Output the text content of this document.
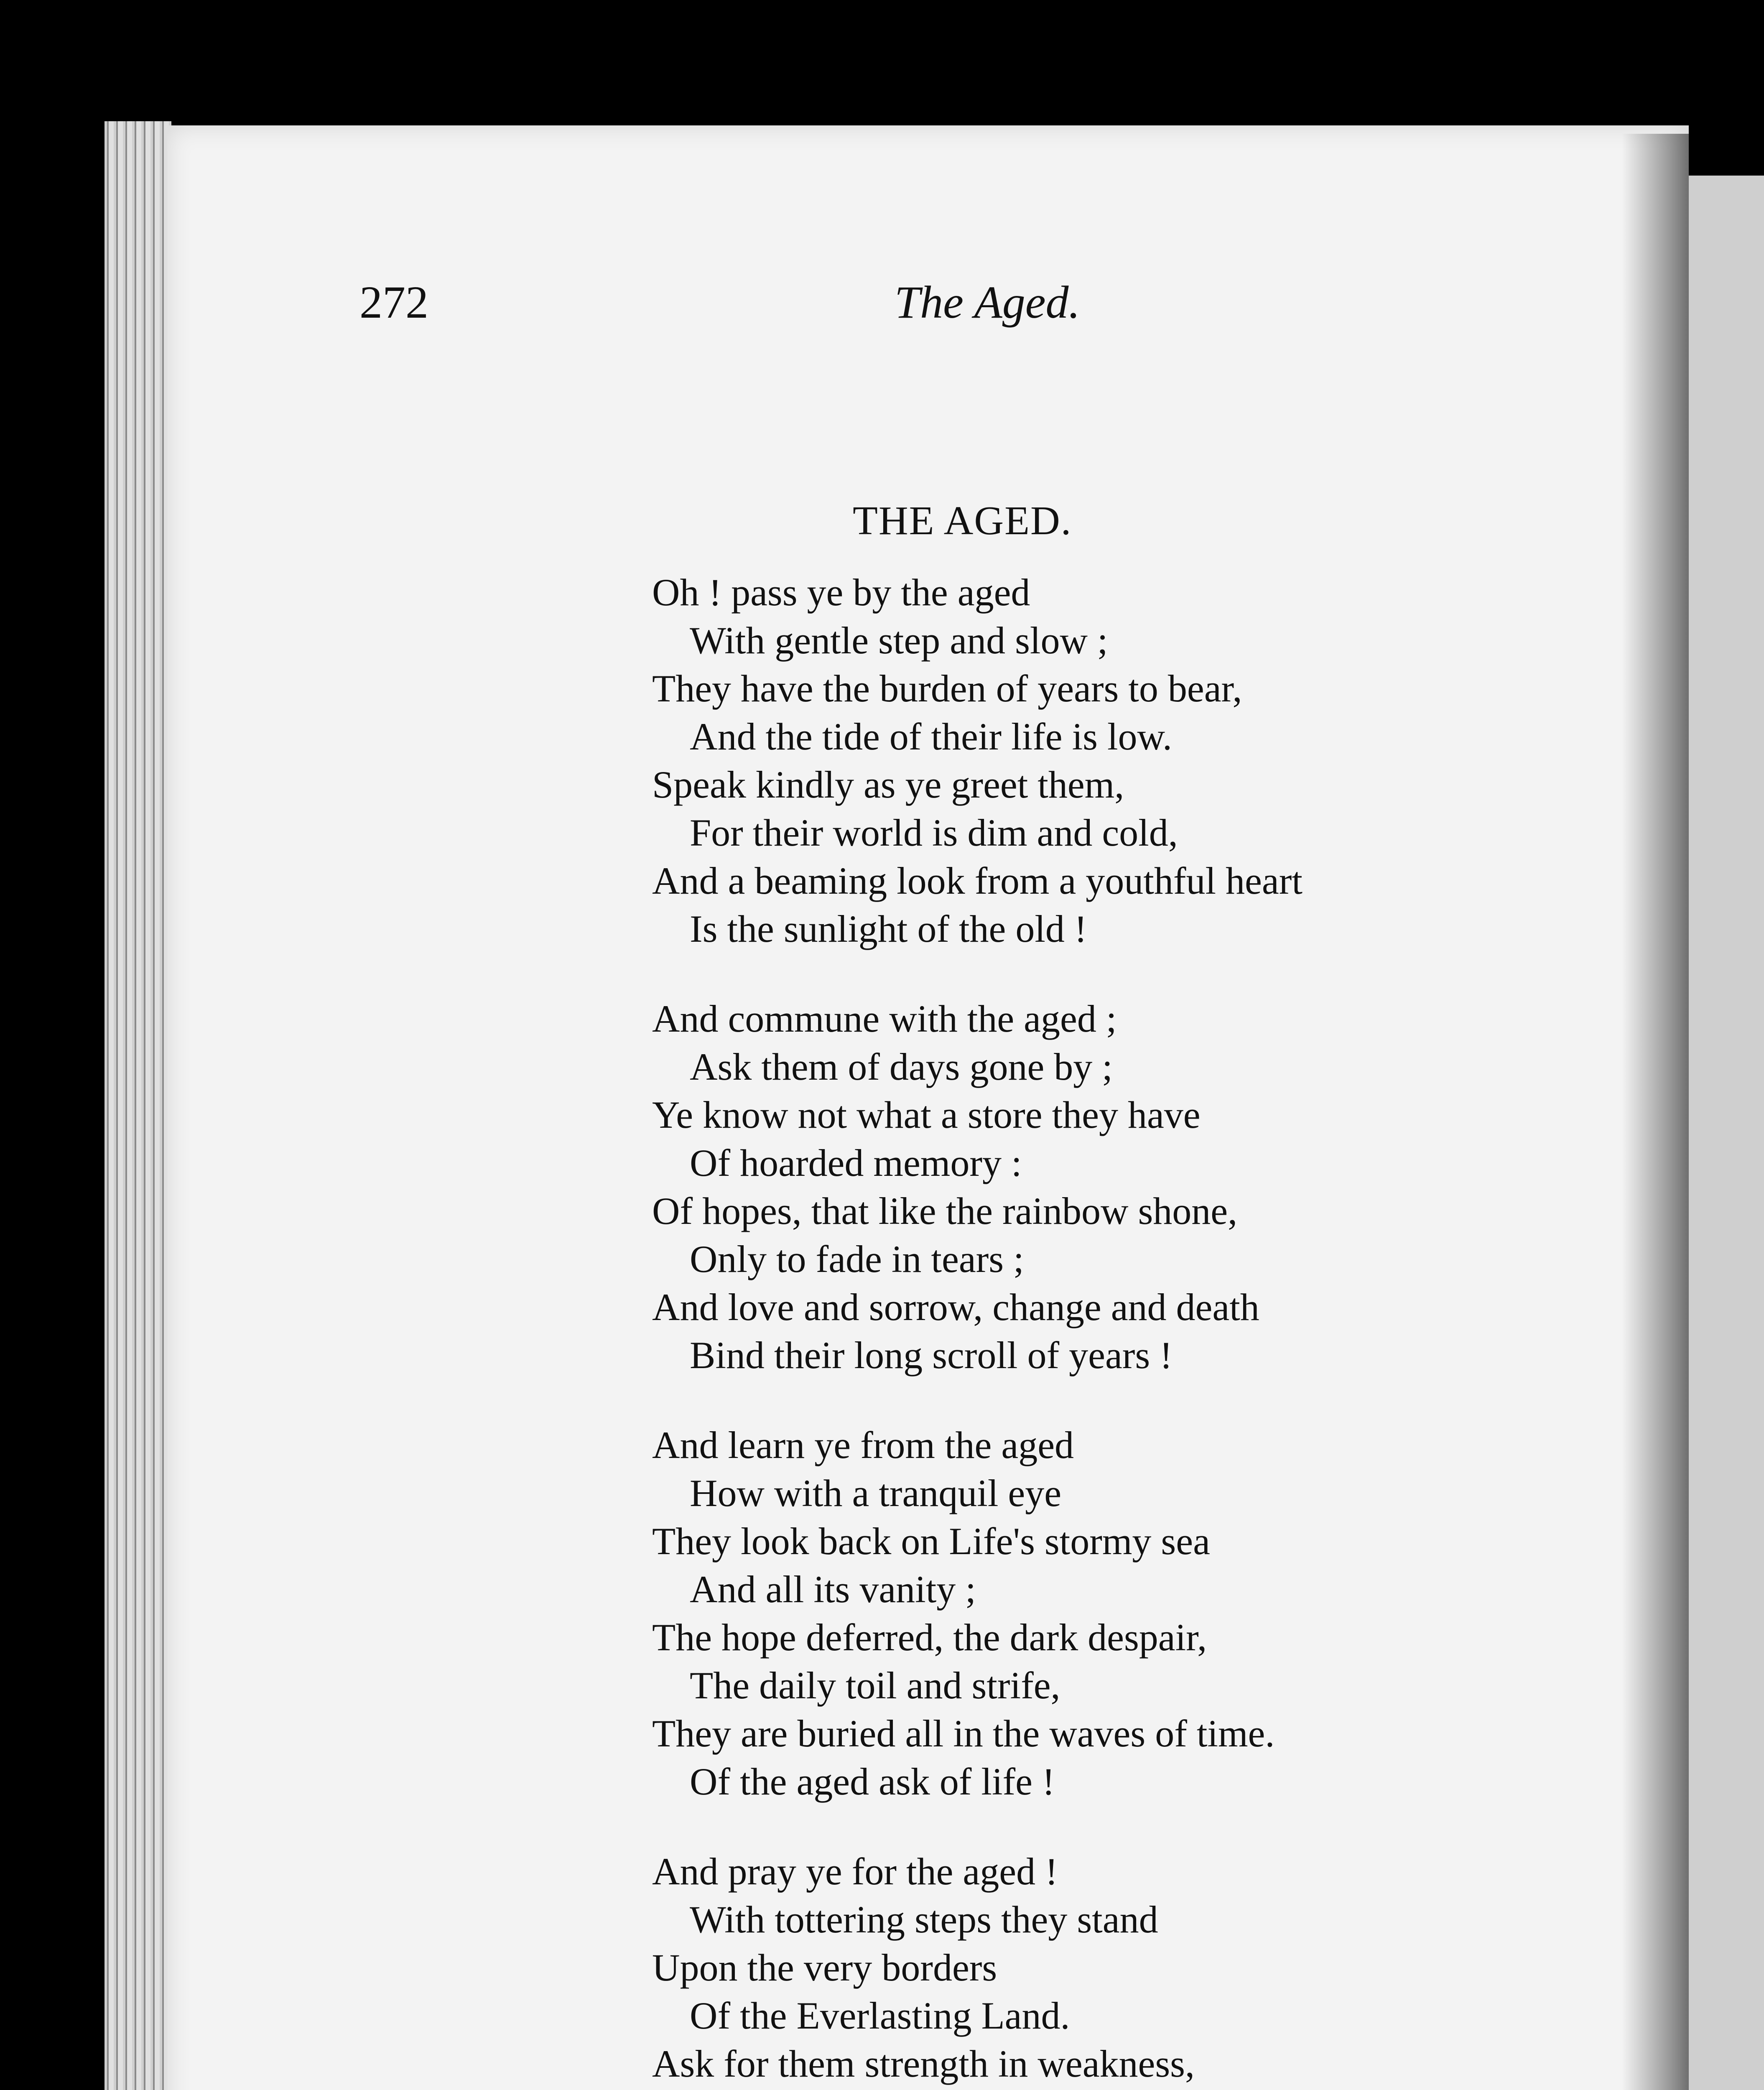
272	The Aged.
THE AGED.
Oh ! pass ye by the aged
With gentle step and slow ;
They have the burden of years to bear,
And the tide of their life is low.
Speak kindly as ye greet them,
For their world is dim and cold,
And a beaming look from a youthful heart
Is the sunlight of the old !
And commune with the aged ;
Ask them of days gone by ;
Ye know not what a store they have
Of hoarded memory :
Of hopes, that like the rainbow shone,
Only to fade in tears ;
And love and sorrow, change and death
Bind their long scroll of years !
And learn ye from the aged
How with a tranquil eye
They look back on Life's stormy sea
And all its vanity ;
The hope deferred, the dark despair,
The daily toil and strife,
They are buried all in the waves of time.
Of the aged ask of life !
And pray ye for the aged !
With tottering steps they stand
Upon the very borders
Of the Everlasting Land.
Ask for them strength in weakness,
